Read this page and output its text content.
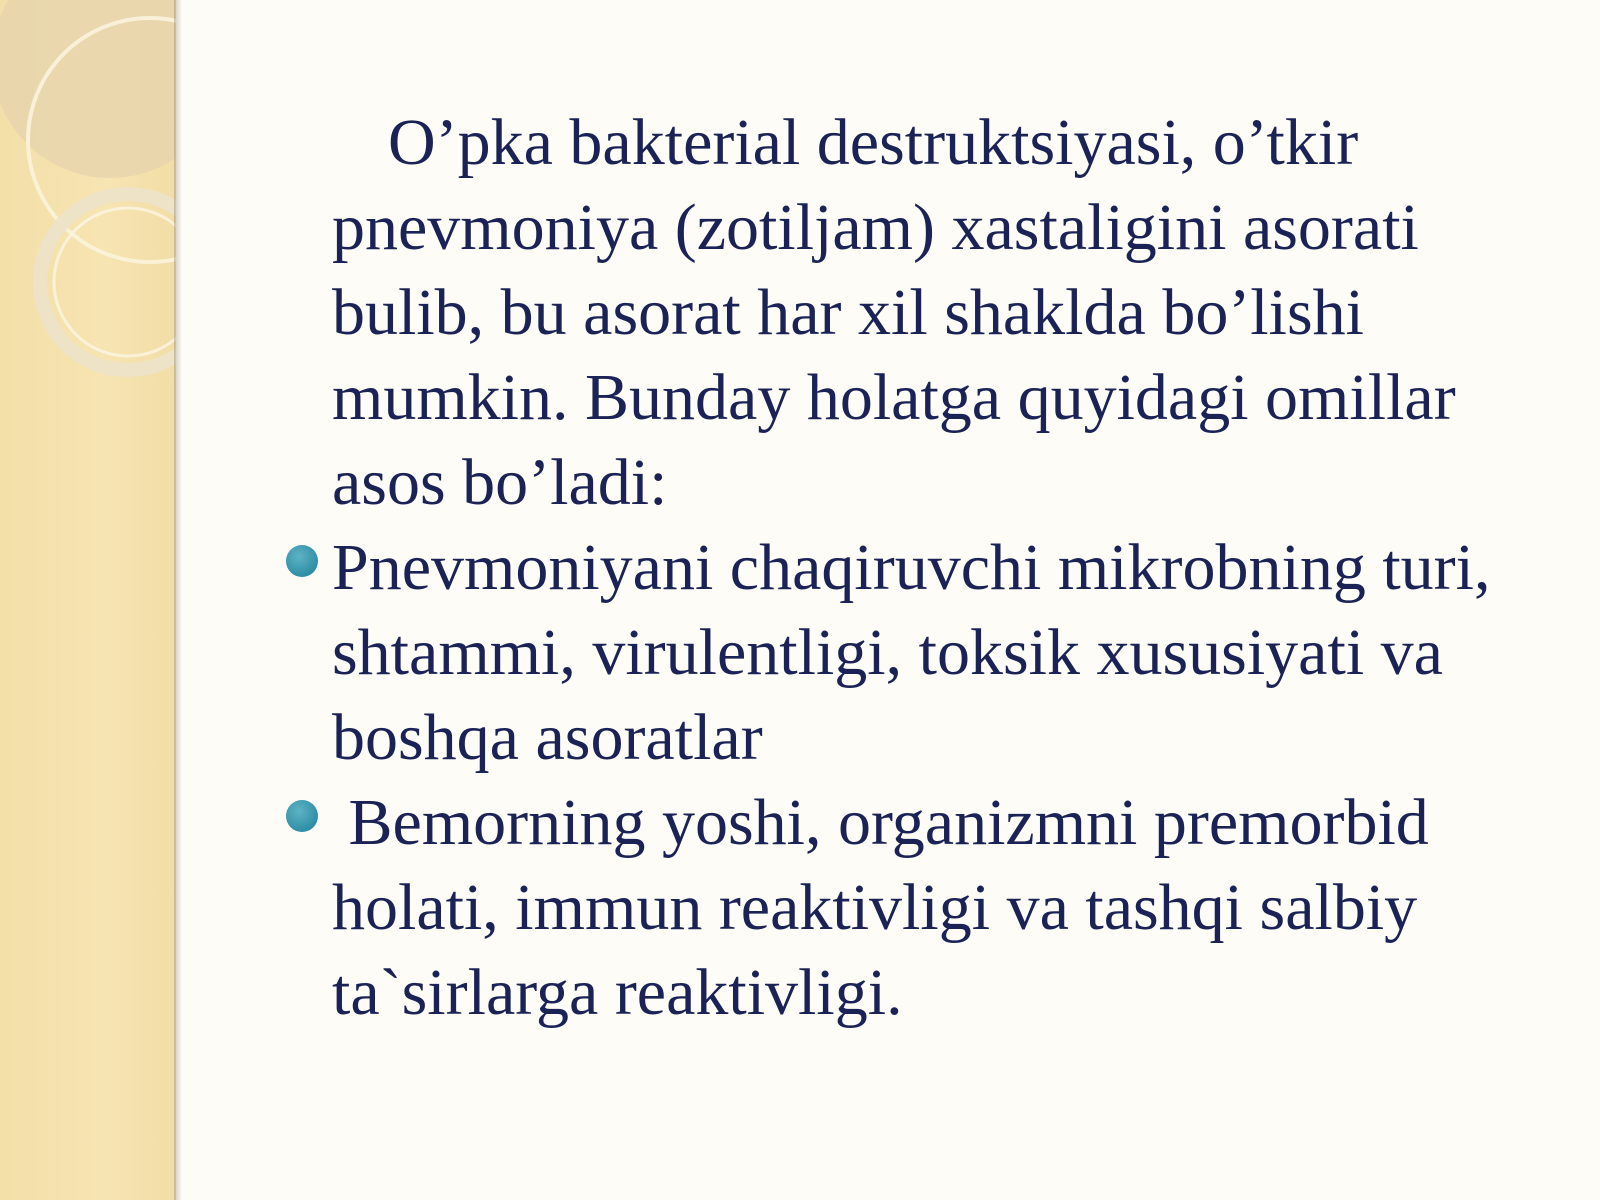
O’pka bakterial destruktsiyasi, o’tkir pnevmoniya (zotiljam) xastaligini asorati bulib, bu asorat har xil shaklda bo’lishi mumkin. Bunday holatga quyidagi omillar asos bo’ladi:

Pnevmoniyani chaqiruvchi mikrobning turi, shtammi, virulentligi, toksik xususiyati va boshqa asoratlar
Bemorning yoshi, organizmni premorbid holati, immun reaktivligi va tashqi salbiy ta`sirlarga reaktivligi.
